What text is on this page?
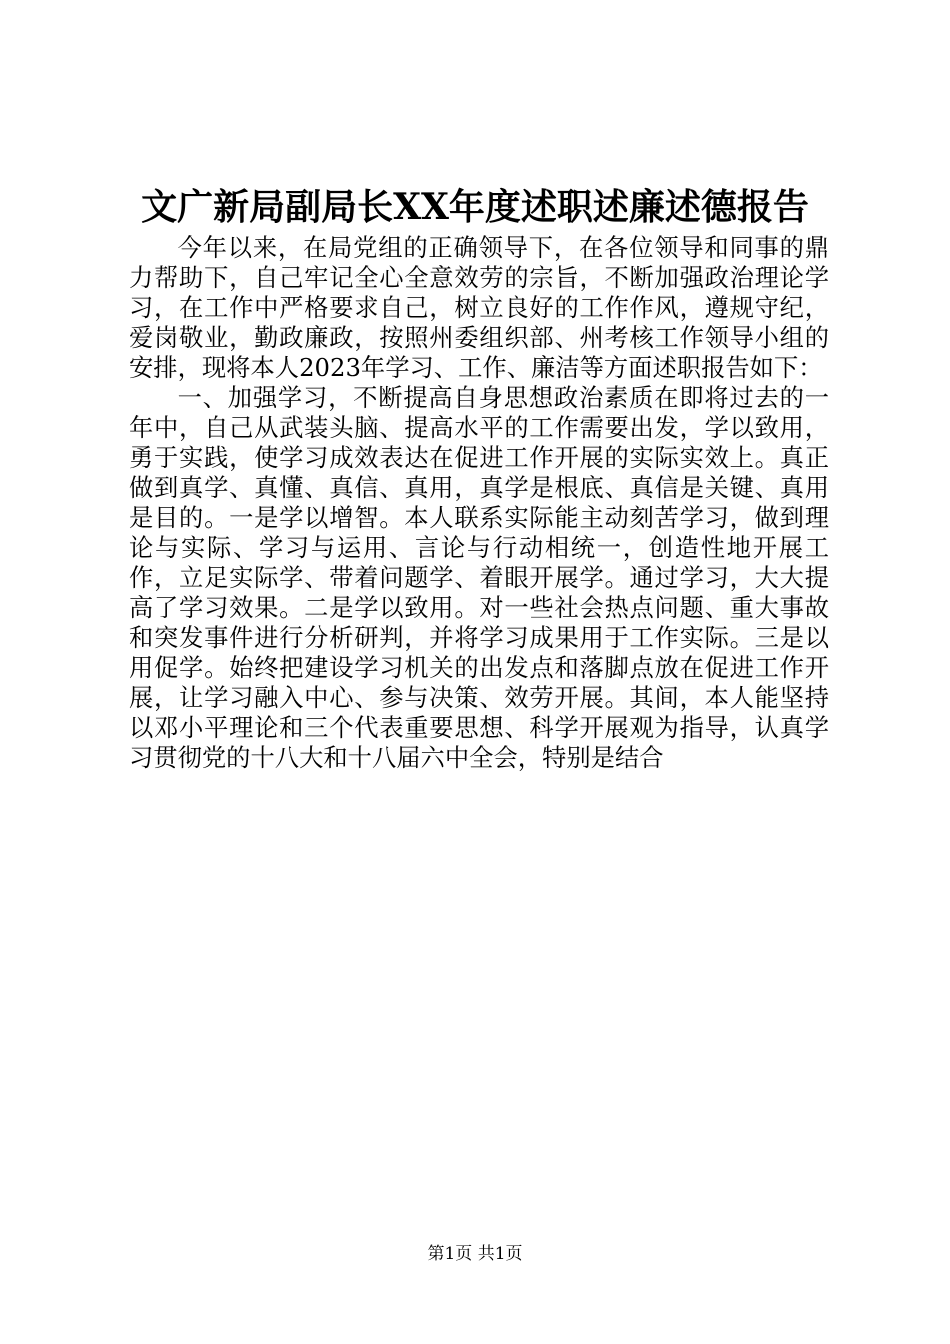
文广新局副局长XX年度述职述廉述德报告

今年以来，在局党组的正确领导下，在各位领导和同事的鼎力帮助下，自己牢记全心全意效劳的宗旨，不断加强政治理论学习，在工作中严格要求自己，树立良好的工作作风，遵规守纪，爱岗敬业，勤政廉政，按照州委组织部、州考核工作领导小组的安排，现将本人2023年学习、工作、廉洁等方面述职报告如下：

一、加强学习，不断提高自身思想政治素质在即将过去的一年中，自己从武装头脑、提高水平的工作需要出发，学以致用，勇于实践，使学习成效表达在促进工作开展的实际实效上。真正做到真学、真懂、真信、真用，真学是根底、真信是关键、真用是目的。一是学以增智。本人联系实际能主动刻苦学习，做到理论与实际、学习与运用、言论与行动相统一，创造性地开展工作，立足实际学、带着问题学、着眼开展学。通过学习，大大提高了学习效果。二是学以致用。对一些社会热点问题、重大事故和突发事件进行分析研判，并将学习成果用于工作实际。三是以用促学。始终把建设学习机关的出发点和落脚点放在促进工作开展，让学习融入中心、参与决策、效劳开展。其间，本人能坚持以邓小平理论和三个代表重要思想、科学开展观为指导，认真学习贯彻党的十八大和十八届六中全会，特别是结合

第1页 共1页
